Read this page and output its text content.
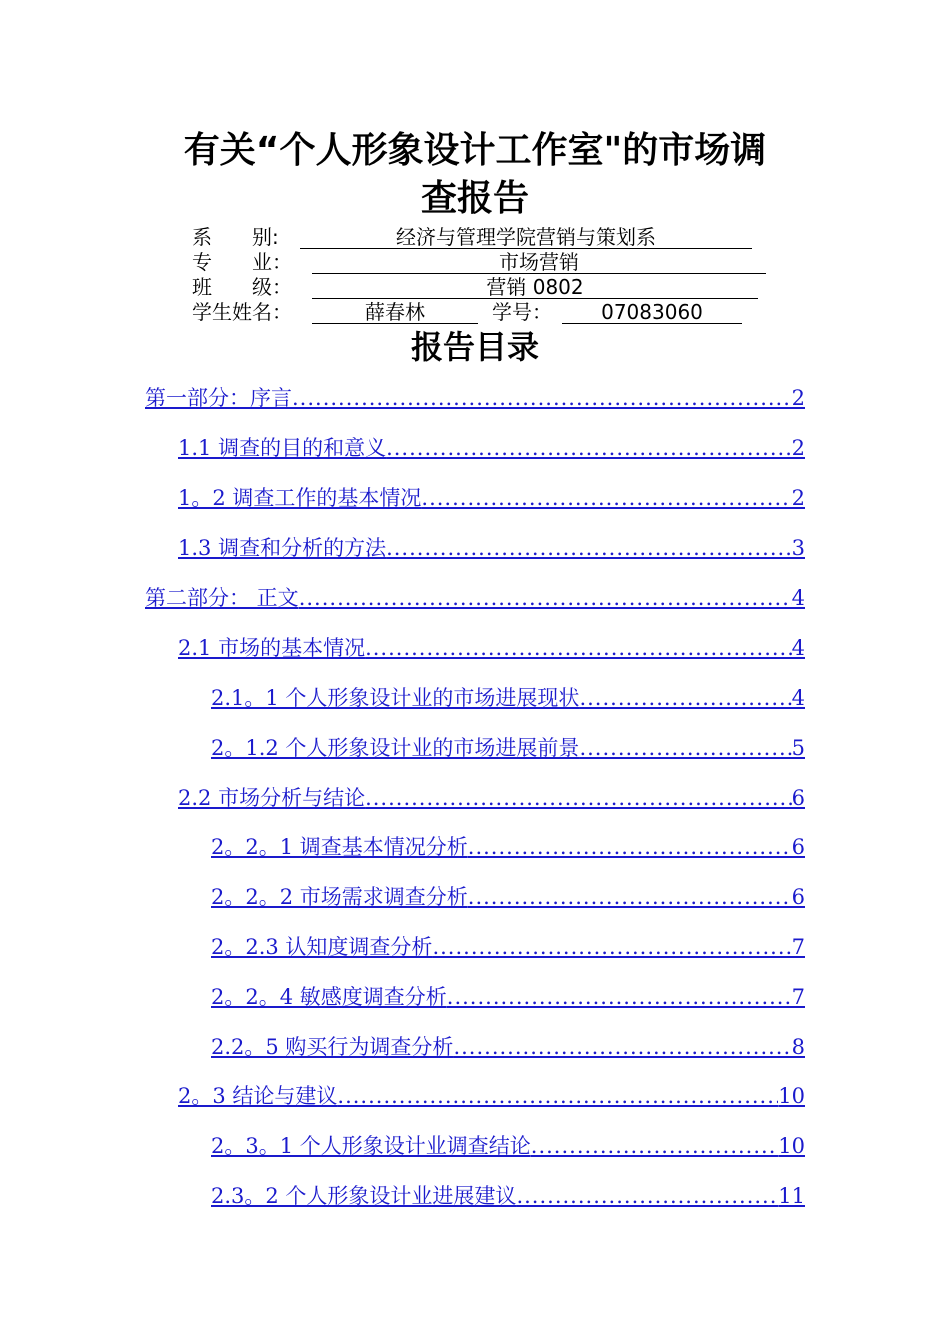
有关“个人形象设计工作室"的市场调
查报告
系　　别:	经济与管理学院营销与策划系
专　　业：	市场营销
班　　级：	营销 0802
学生姓名：	薛春林	学号：	07083060
报告目录
第一部分：序言 .....	2
1.1 调查的目的和意义 .....	2
1。2 调查工作的基本情况 .....	2
1.3 调查和分析的方法 .....	3
第二部分： 正文 .....	4
2.1 市场的基本情况 .....	4
2.1。1 个人形象设计业的市场进展现状 .....	4
2。1.2 个人形象设计业的市场进展前景 .....	5
2.2 市场分析与结论 .....	6
2。2。1 调查基本情况分析 .....	6
2。2。2 市场需求调查分析 .....	6
2。2.3 认知度调查分析 .....	7
2。2。4 敏感度调查分析 .....	7
2.2。5 购买行为调查分析 .....	8
2。3 结论与建议 .....	10
2。3。1 个人形象设计业调查结论 .....	10
2.3。2 个人形象设计业进展建议 .....	11
